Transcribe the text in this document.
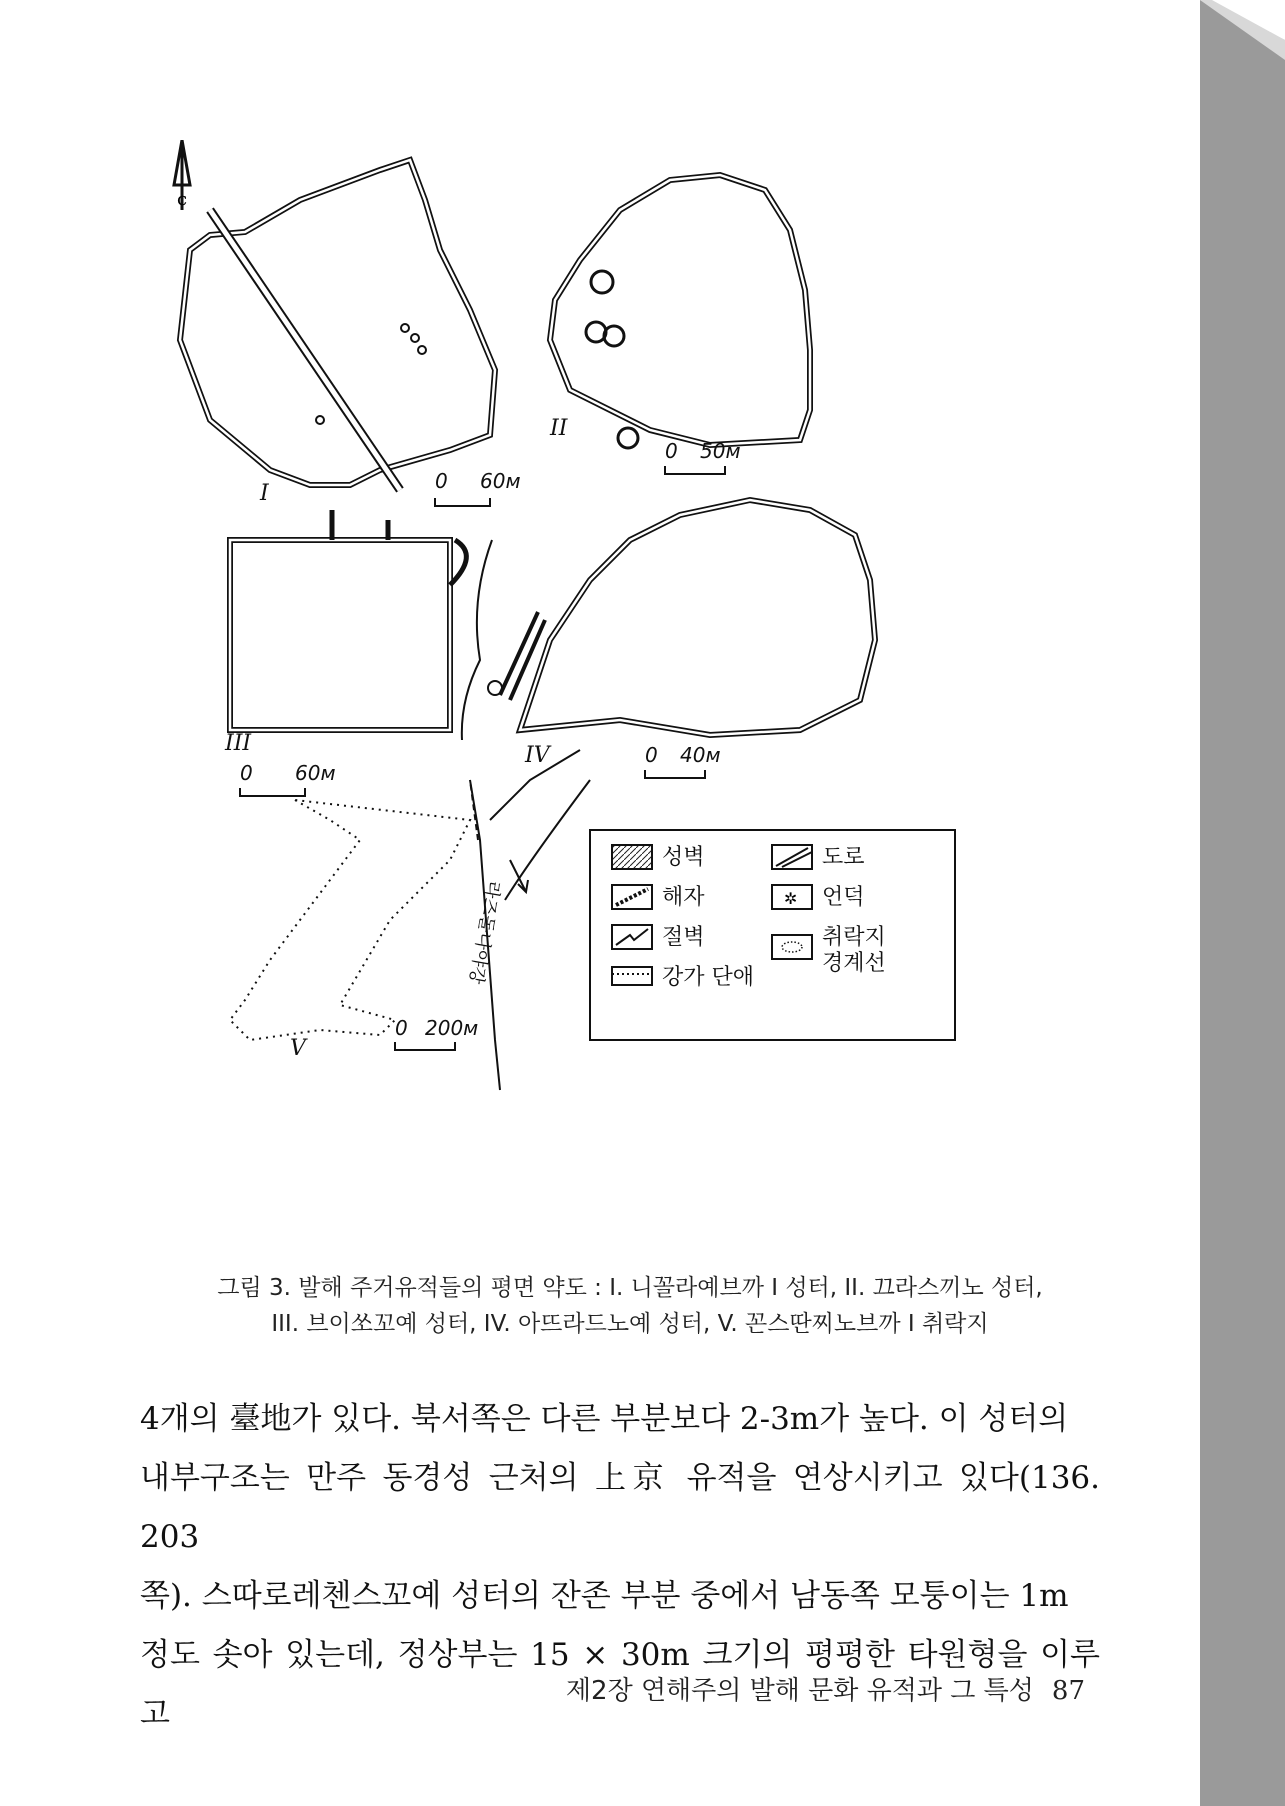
c
I	0 60м
II
0 50м
III
0 60м
IV	0 40м
라즈돌나야강
V
0 200м
성벽
해자
절벽
강가 단애
도로
✲ 언덕
취락지
경계선
그림 3. 발해 주거유적들의 평면 약도 : I. 니꼴라예브까 I 성터, II. 끄라스끼노 성터,
III. 브이쏘꼬예 성터, IV. 아뜨라드노예 성터, V. 꼰스딴찌노브까 I 취락지

4개의 臺地가 있다. 북서쪽은 다른 부분보다 2-3m가 높다. 이 성터의

내부구조는 만주 동경성 근처의 上京 유적을 연상시키고 있다(136. 203

쪽). 스따로레첸스꼬예 성터의 잔존 부분 중에서 남동쪽 모퉁이는 1m

정도 솟아 있는데, 정상부는 15 × 30m 크기의 평평한 타원형을 이루고

제2장 연해주의 발해 문화 유적과 그 특성 87
